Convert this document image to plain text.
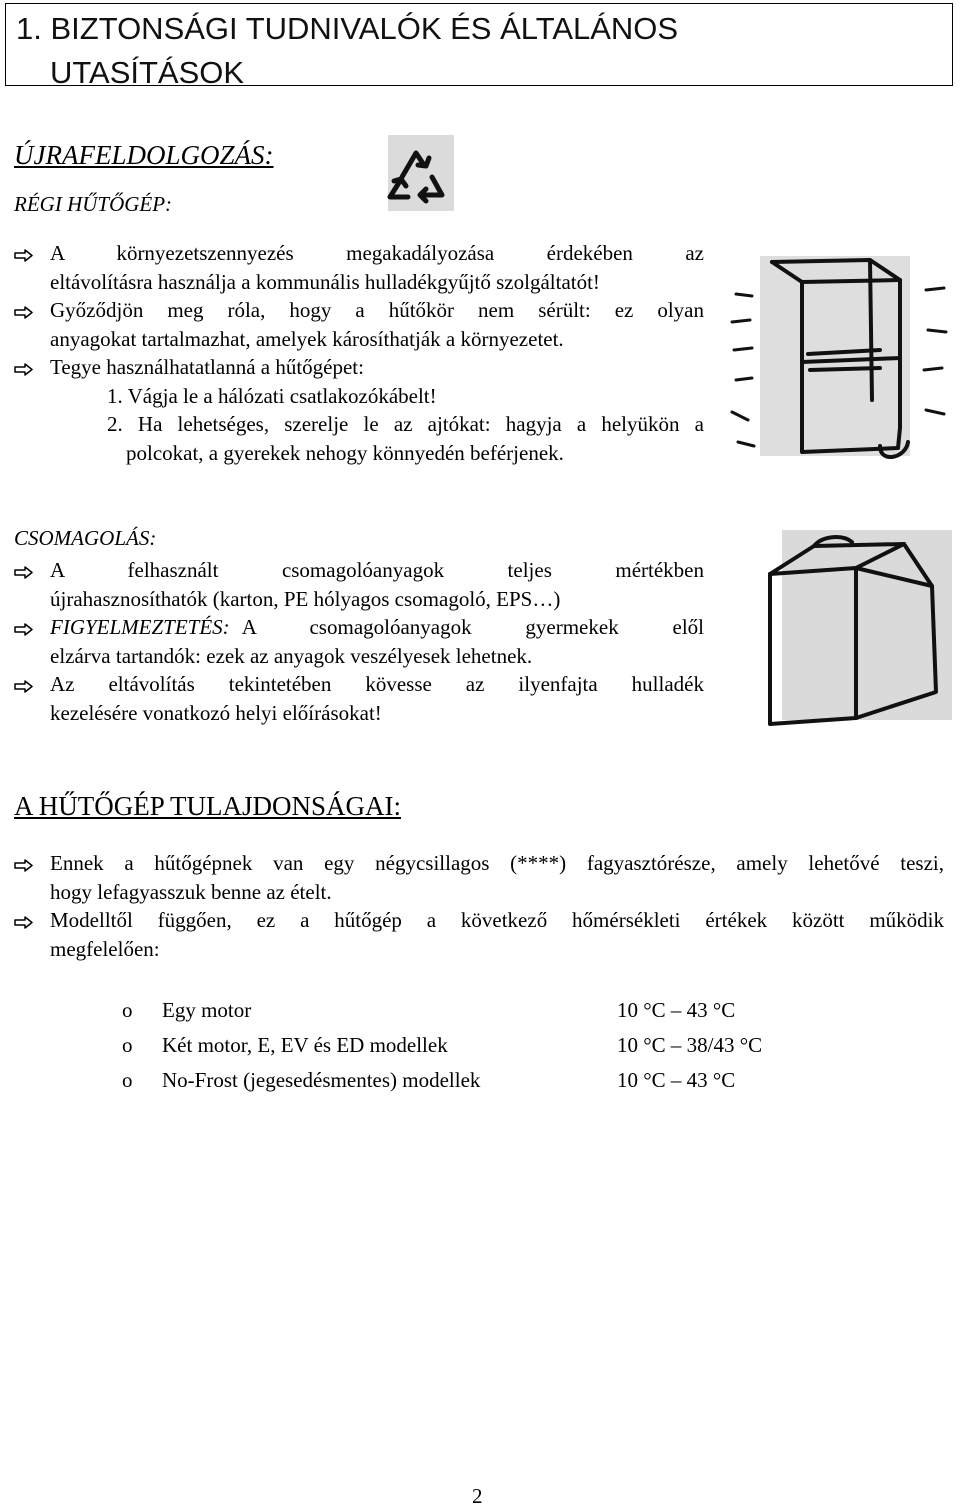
1. BIZTONSÁGI TUDNIVALÓK ÉS ÁLTALÁNOS
UTASÍTÁSOK
ÚJRAFELDOLGOZÁS:
RÉGI HŰTŐGÉP:
A környezetszennyezés megakadályozása érdekében az
eltávolításra használja a kommunális hulladékgyűjtő szolgáltatót!
Győződjön meg róla, hogy a hűtőkör nem sérült: ez olyan
anyagokat tartalmazhat, amelyek károsíthatják a környezetet.
Tegye használhatatlanná a hűtőgépet:
1. Vágja le a hálózati csatlakozókábelt!
2. Ha lehetséges, szerelje le az ajtókat: hagyja a helyükön a
polcokat, a gyerekek nehogy könnyedén beférjenek.
CSOMAGOLÁS:
A felhasznált csomagolóanyagok teljes mértékben
újrahasznosíthatók (karton, PE hólyagos csomagoló, EPS…)
FIGYELMEZTETÉS: A csomagolóanyagok gyermekek elől
elzárva tartandók: ezek az anyagok veszélyesek lehetnek.
Az eltávolítás tekintetében kövesse az ilyenfajta hulladék
kezelésére vonatkozó helyi előírásokat!
A HŰTŐGÉP TULAJDONSÁGAI:
Ennek a hűtőgépnek van egy négycsillagos (****) fagyasztórésze, amely lehetővé teszi,
hogy lefagyasszuk benne az ételt.
Modelltől függően, ez a hűtőgép a következő hőmérsékleti értékek között működik
megfelelően:
o Egy motor	10 °C – 43 °C
o Két motor, E, EV és ED modellek	10 °C – 38/43 °C
o No-Frost (jegesedésmentes) modellek	10 °C – 43 °C
2
